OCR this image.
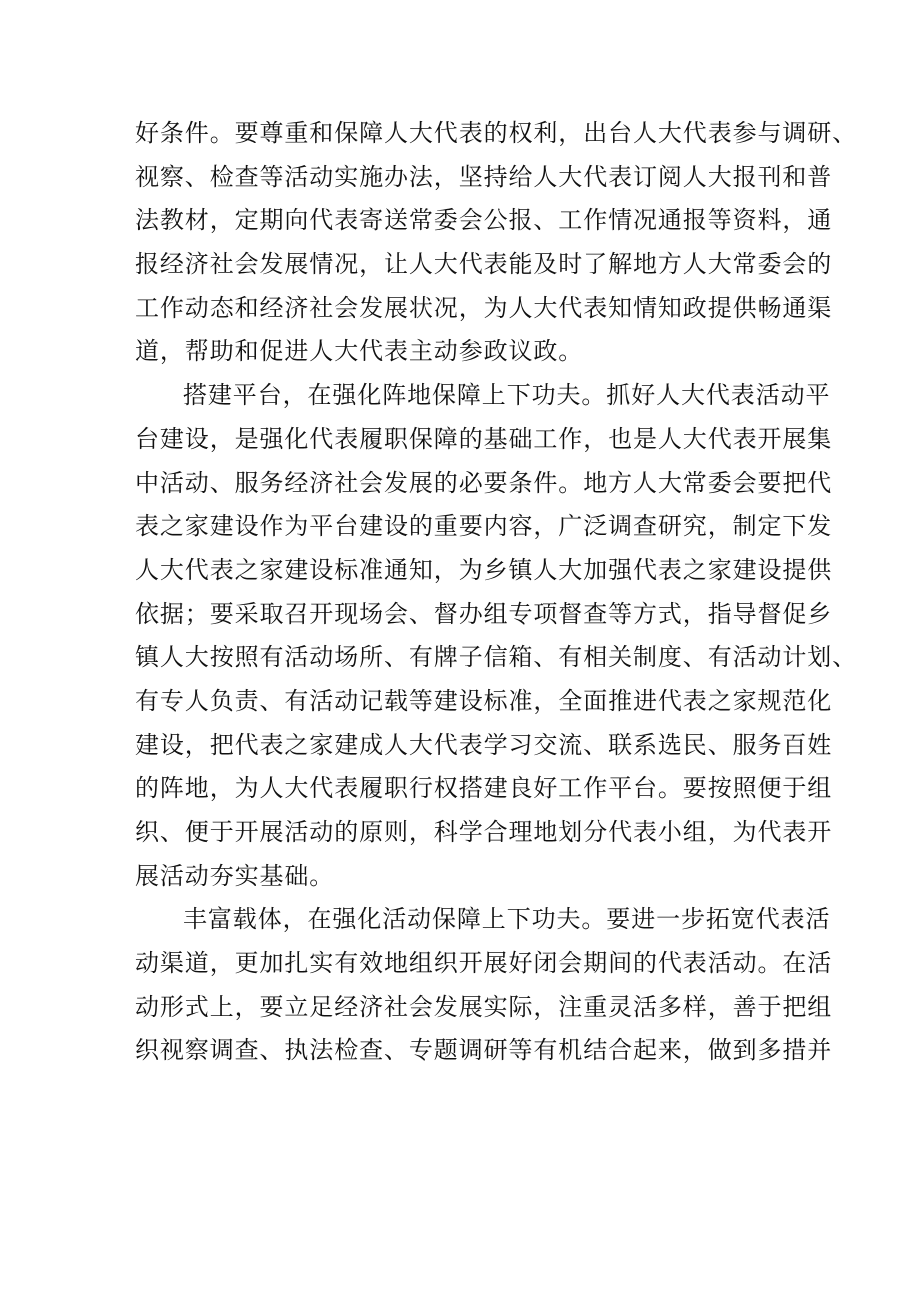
好条件。要尊重和保障人大代表的权利，出台人大代表参与调研、
视察、检查等活动实施办法，坚持给人大代表订阅人大报刊和普
法教材，定期向代表寄送常委会公报、工作情况通报等资料，通
报经济社会发展情况，让人大代表能及时了解地方人大常委会的
工作动态和经济社会发展状况，为人大代表知情知政提供畅通渠
道，帮助和促进人大代表主动参政议政。
搭建平台，在强化阵地保障上下功夫。抓好人大代表活动平
台建设，是强化代表履职保障的基础工作，也是人大代表开展集
中活动、服务经济社会发展的必要条件。地方人大常委会要把代
表之家建设作为平台建设的重要内容，广泛调查研究，制定下发
人大代表之家建设标准通知，为乡镇人大加强代表之家建设提供
依据；要采取召开现场会、督办组专项督查等方式，指导督促乡
镇人大按照有活动场所、有牌子信箱、有相关制度、有活动计划、
有专人负责、有活动记载等建设标准，全面推进代表之家规范化
建设，把代表之家建成人大代表学习交流、联系选民、服务百姓
的阵地，为人大代表履职行权搭建良好工作平台。要按照便于组
织、便于开展活动的原则，科学合理地划分代表小组，为代表开
展活动夯实基础。
丰富载体，在强化活动保障上下功夫。要进一步拓宽代表活
动渠道，更加扎实有效地组织开展好闭会期间的代表活动。在活
动形式上，要立足经济社会发展实际，注重灵活多样，善于把组
织视察调查、执法检查、专题调研等有机结合起来，做到多措并
